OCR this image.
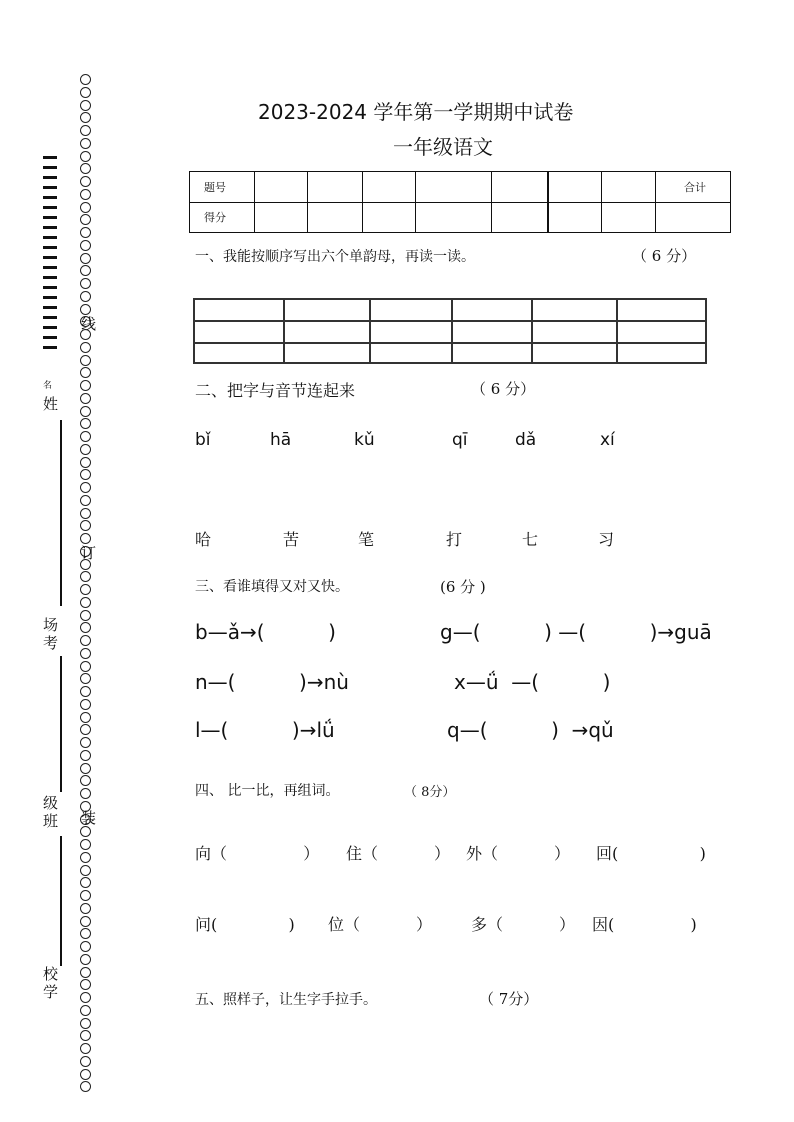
线
订
装
名
姓
场
考
级
班
校
学
2023-2024 学年第一学期期中试卷
一年级语文
题号								合计
得分								
一、我能按顺序写出六个单韵母，再读一读。	（ 6 分）
二、把字与音节连起来	（ 6 分）
bǐ	hā	kǔ	qī	dǎ	xí
哈	苦	笔	打	七	习
三、看谁填得又对又快。	(6 分 )
b—ǎ→(          )	g—(          ) —(          )→guā
n—(          )→nù	x—ǘ  —(          )
l—(          )→lǘ	q—(          )  →qǔ
四、 比一比，再组词。	（ 8分）
向（               ） 住（           ） 外（           ） 回(                )
问(              ) 位（           ） 多（           ） 因(               )
五、照样子，让生字手拉手。	（ 7分）
